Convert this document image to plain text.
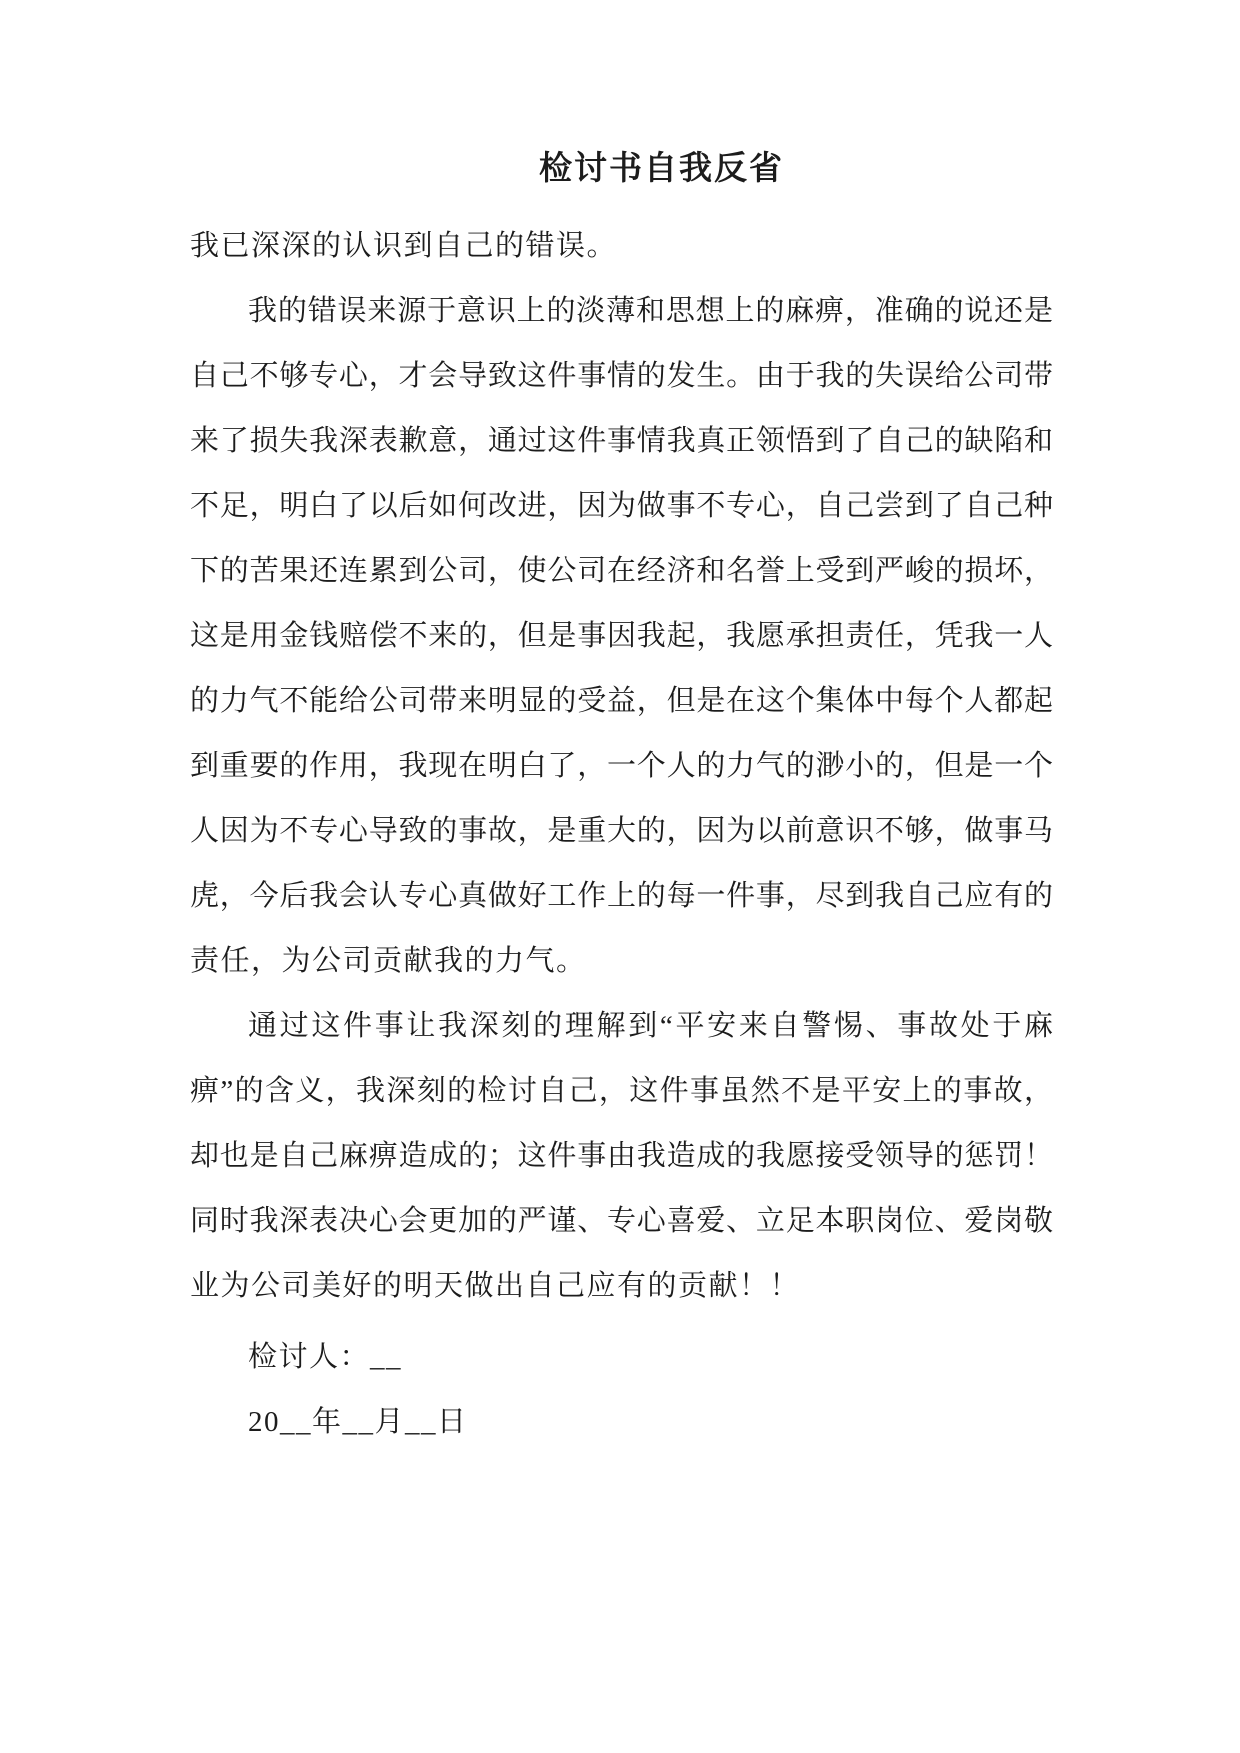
检讨书自我反省
我已深深的认识到自己的错误。
我的错误来源于意识上的淡薄和思想上的麻痹，准确的说还是
自己不够专心，才会导致这件事情的发生。由于我的失误给公司带
来了损失我深表歉意，通过这件事情我真正领悟到了自己的缺陷和
不足，明白了以后如何改进，因为做事不专心，自己尝到了自己种
下的苦果还连累到公司，使公司在经济和名誉上受到严峻的损坏，
这是用金钱赔偿不来的，但是事因我起，我愿承担责任，凭我一人
的力气不能给公司带来明显的受益，但是在这个集体中每个人都起
到重要的作用，我现在明白了，一个人的力气的渺小的，但是一个
人因为不专心导致的事故，是重大的，因为以前意识不够，做事马
虎，今后我会认专心真做好工作上的每一件事，尽到我自己应有的
责任，为公司贡献我的力气。
通过这件事让我深刻的理解到“平安来自警惕、事故处于麻
痹”的含义，我深刻的检讨自己，这件事虽然不是平安上的事故，
却也是自己麻痹造成的；这件事由我造成的我愿接受领导的惩罚！
同时我深表决心会更加的严谨、专心喜爱、立足本职岗位、爱岗敬
业为公司美好的明天做出自己应有的贡献！！
检讨人：__
20__年__月__日
